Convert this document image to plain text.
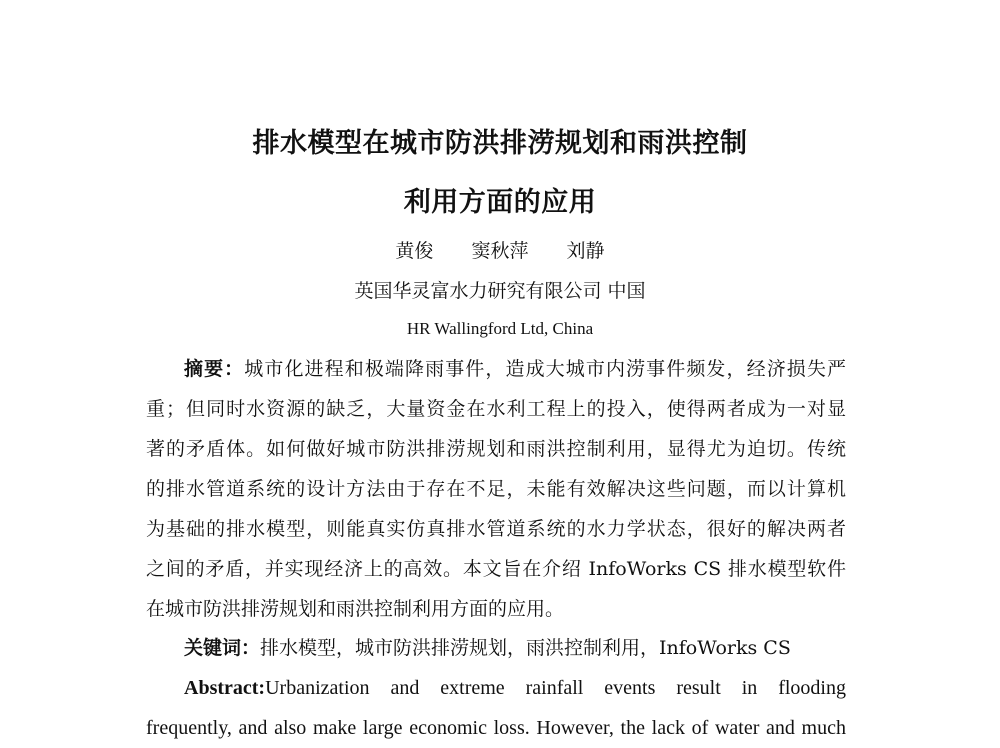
排水模型在城市防洪排涝规划和雨洪控制
利用方面的应用
黄俊 窦秋萍 刘静
英国华灵富水力研究有限公司 中国
HR Wallingford Ltd, China
摘要：城市化进程和极端降雨事件，造成大城市内涝事件频发，经济损失严
重；但同时水资源的缺乏，大量资金在水利工程上的投入，使得两者成为一对显
著的矛盾体。如何做好城市防洪排涝规划和雨洪控制利用，显得尤为迫切。传统
的排水管道系统的设计方法由于存在不足，未能有效解决这些问题，而以计算机
为基础的排水模型，则能真实仿真排水管道系统的水力学状态，很好的解决两者
之间的矛盾，并实现经济上的高效。本文旨在介绍 InfoWorks CS 排水模型软件
在城市防洪排涝规划和雨洪控制利用方面的应用。
关键词：排水模型，城市防洪排涝规划，雨洪控制利用，InfoWorks CS
Abstract:Urbanization and extreme rainfall events result in flooding
frequently, and also make large economic loss. However, the lack of water and much
